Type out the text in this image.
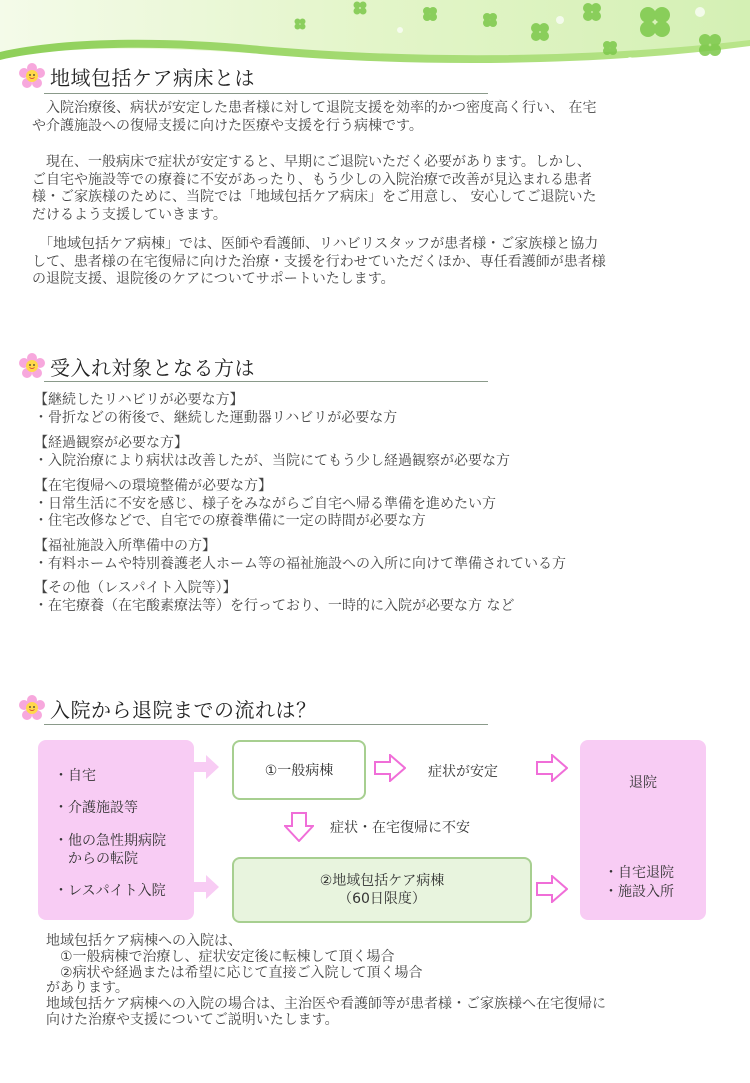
地域包括ケア病床とは

　入院治療後、病状が安定した患者様に対して退院支援を効率的かつ密度高く行い、 在宅
や介護施設への復帰支援に向けた医療や支援を行う病棟です。

　現在、一般病床で症状が安定すると、早期にご退院いただく必要があります。しかし、
ご自宅や施設等での療養に不安があったり、もう少しの入院治療で改善が見込まれる患者
様・ご家族様のために、当院では「地域包括ケア病床」をご用意し、 安心してご退院いた
だけるよう支援していきます。

　「地域包括ケア病棟」では、医師や看護師、リハビリスタッフが患者様・ご家族様と協力
して、患者様の在宅復帰に向けた治療・支援を行わせていただくほか、専任看護師が患者様
の退院支援、退院後のケアについてサポートいたします。

受入れ対象となる方は
【継続したリハビリが必要な方】
・骨折などの術後で、継続した運動器リハビリが必要な方
【経過観察が必要な方】
・入院治療により病状は改善したが、当院にてもう少し経過観察が必要な方
【在宅復帰への環境整備が必要な方】
・日常生活に不安を感じ、様子をみながらご自宅へ帰る準備を進めたい方
・住宅改修などで、自宅での療養準備に一定の時間が必要な方
【福祉施設入所準備中の方】
・有料ホームや特別養護老人ホーム等の福祉施設への入所に向けて準備されている方
【その他（レスパイト入院等）】
・在宅療養（在宅酸素療法等）を行っており、一時的に入院が必要な方 など
入院から退院までの流れは？
・自宅
・介護施設等
・他の急性期病院
　からの転院
・レスパイト入院
①一般病棟	症状が安定
症状・在宅復帰に不安
②地域包括ケア病棟
（60日限度）
退院
・自宅退院
・施設入所
地域包括ケア病棟への入院は、
　①一般病棟で治療し、症状安定後に転棟して頂く場合
　②病状や経過または希望に応じて直接ご入院して頂く場合
があります。
地域包括ケア病棟への入院の場合は、主治医や看護師等が患者様・ご家族様へ在宅復帰に
向けた治療や支援についてご説明いたします。
